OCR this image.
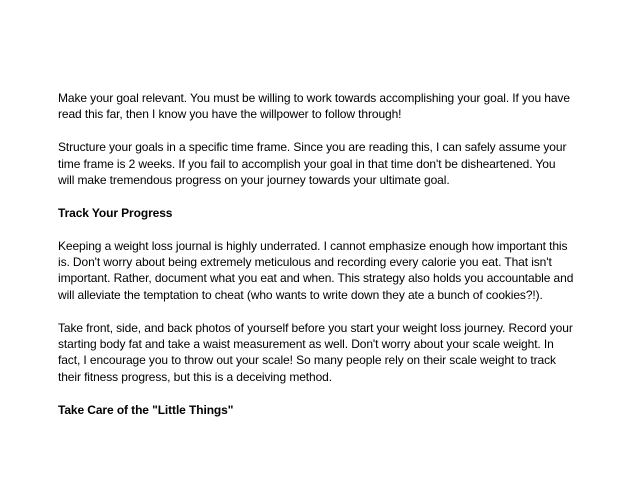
Make your goal relevant. You must be willing to work towards accomplishing your goal. If you have
read this far, then I know you have the willpower to follow through!

Structure your goals in a specific time frame. Since you are reading this, I can safely assume your
time frame is 2 weeks. If you fail to accomplish your goal in that time don't be disheartened. You
will make tremendous progress on your journey towards your ultimate goal.

Track Your Progress

Keeping a weight loss journal is highly underrated. I cannot emphasize enough how important this
is. Don't worry about being extremely meticulous and recording every calorie you eat. That isn't
important. Rather, document what you eat and when. This strategy also holds you accountable and
will alleviate the temptation to cheat (who wants to write down they ate a bunch of cookies?!).

Take front, side, and back photos of yourself before you start your weight loss journey. Record your
starting body fat and take a waist measurement as well. Don't worry about your scale weight. In
fact, I encourage you to throw out your scale! So many people rely on their scale weight to track
their fitness progress, but this is a deceiving method.

Take Care of the "Little Things"
